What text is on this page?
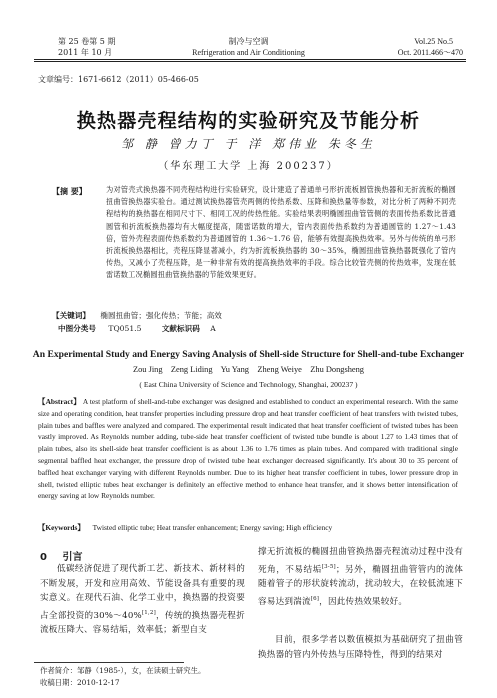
第 25 卷第 5 期
2011 年 10 月
制冷与空调
Refrigeration and Air Conditioning
Vol.25 No.5
Oct. 2011.466～470
文章编号：1671-6612（2011）05-466-05
换热器壳程结构的实验研究及节能分析
邹 静 曾力丁 于 洋 郑伟业 朱冬生
（华东理工大学 上海 200237）
【摘 要】	为对管壳式换热器不同壳程结构进行实验研究，设计建造了普通单弓形折流板圆管换热器和无折流板的椭圆扭曲管换热器实验台。通过测试换热器管壳两侧的传热系数、压降和换热量等参数，对比分析了两种不同壳程结构的换热器在相同尺寸下、相同工况的传热性能。实验结果表明椭圆扭曲管管侧的表面传热系数比普通圆管和折流板换热器均有大幅度提高，随雷诺数的增大，管内表面传热系数约为普通圆管的 1.27～1.43 倍，管外壳程表面传热系数约为普通圆管的 1.36～1.76 倍，能够有效提高换热效率。另外与传统的单弓形折流板换热器相比，壳程压降显著减小，约为折流板换热器的 30～35%，椭圆扭曲管换热器既强化了管内传热，又减小了壳程压降，是一种非常有效的提高换热效率的手段。综合比较管壳侧的传热效率，发现在低雷诺数工况椭圆扭曲管换热器的节能效果更好。
【关键词】 椭圆扭曲管；强化传热；节能；高效
中图分类号 TQ051.5	文献标识码 A
An Experimental Study and Energy Saving Analysis of Shell-side Structure for Shell-and-tube Exchanger
Zou Jing    Zeng Liding    Yu Yang    Zheng Weiye    Zhu Dongsheng
( East China University of Science and Technology, Shanghai, 200237 )
【Abstract】 A test platform of shell-and-tube exchanger was designed and established to conduct an experimental research. With the same size and operating condition, heat transfer properties including pressure drop and heat transfer coefficient of heat transfers with twisted tubes, plain tubes and baffles were analyzed and compared. The experimental result indicated that heat transfer coefficient of twisted tubes has been vastly improved. As Reynolds number adding, tube-side heat transfer coefficient of twisted tube bundle is about 1.27 to 1.43 times that of plain tubes, also its shell-side heat transfer coefficient is as about 1.36 to 1.76 times as plain tubes. And compared with traditional single segmental baffled heat exchanger, the pressure drop of twisted tube heat exchanger decreased significantly. It's about 30 to 35 percent of baffled heat exchanger varying with different Reynolds number. Due to its higher heat transfer coefficient in tubes, lower pressure drop in shell, twisted elliptic tubes heat exchanger is definitely an effective method to enhance heat transfer, and it shows better intensification of energy saving at low Reynolds number.
【Keywords】 Twisted elliptic tube; Heat transfer enhancement; Energy saving; High efficiency
0 引言
低碳经济促进了现代新工艺、新技术、新材料的不断发展，开发和应用高效、节能设备具有重要的现实意义。在现代石油、化学工业中，换热器的投资要占全部投资的30%～40%[1,2]，传统的换热器壳程折流板压降大、容易结垢，效率低；新型自支
撑无折流板的椭圆扭曲管换热器壳程流动过程中没有死角，不易结垢[3-5]；另外，椭圆扭曲管管内的流体随着管子的形状旋转流动，扰动较大，在较低流速下容易达到湍流[6]，因此传热效果较好。
目前，很多学者以数值模拟为基础研究了扭曲管换热器的管内外传热与压降特性，得到的结果对
作者简介：邹静（1985-），女，在读硕士研究生。
收稿日期：2010-12-17
